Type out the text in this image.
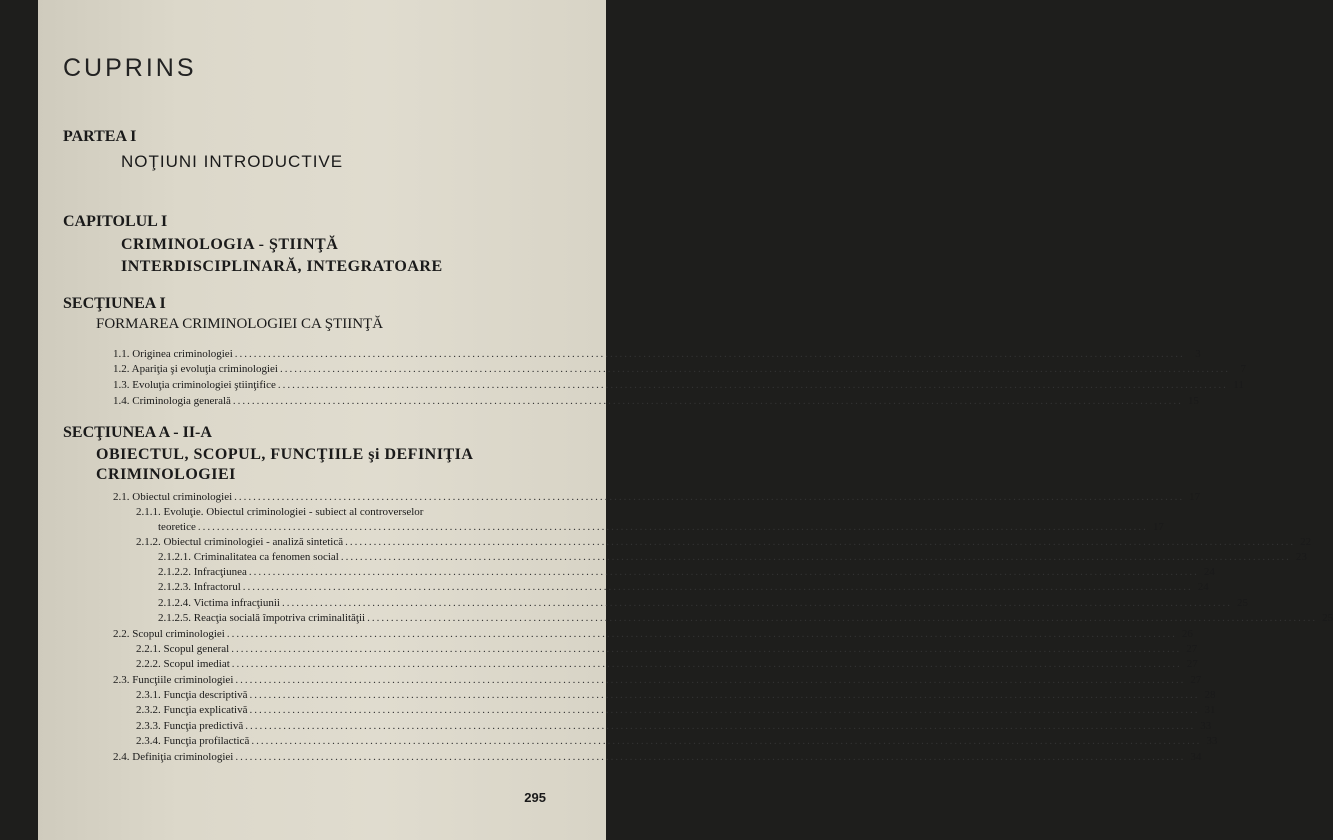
CUPRINS
PARTEA I
NOŢIUNI INTRODUCTIVE
CAPITOLUL I
CRIMINOLOGIA - ŞTIINŢĂ
INTERDISCIPLINARĂ, INTEGRATOARE
SECŢIUNEA I
FORMAREA CRIMINOLOGIEI CA ŞTIINŢĂ
1.1. Originea criminologiei ........................................................................................................................................................................................................ 3
1.2. Apariţia şi evoluţia criminologiei ........................................................................................................................................................................................................ 7
1.3. Evoluţia criminologiei ştiinţifice ........................................................................................................................................................................................................ 11
1.4. Criminologia generală ........................................................................................................................................................................................................ 15
SECŢIUNEA A - II-A
OBIECTUL, SCOPUL, FUNCŢIILE şi DEFINIŢIA
CRIMINOLOGIEI
2.1. Obiectul criminologiei ........................................................................................................................................................................................................ 17
2.1.1. Evoluţie. Obiectul criminologiei - subiect al controverselor
teoretice ........................................................................................................................................................................................................ 17
2.1.2. Obiectul criminologiei - analiză sintetică ........................................................................................................................................................................................................ 22
2.1.2.1. Criminalitatea ca fenomen social ........................................................................................................................................................................................................ 23
2.1.2.2. Infracţiunea ........................................................................................................................................................................................................ 24
2.1.2.3. Infractorul ........................................................................................................................................................................................................ 24
2.1.2.4. Victima infracţiunii ........................................................................................................................................................................................................ 25
2.1.2.5. Reacţia socială împotriva criminalităţii ........................................................................................................................................................................................................ 25
2.2. Scopul criminologiei ........................................................................................................................................................................................................ 26
2.2.1. Scopul general ........................................................................................................................................................................................................ 27
2.2.2. Scopul imediat ........................................................................................................................................................................................................ 27
2.3. Funcţiile criminologiei ........................................................................................................................................................................................................ 27
2.3.1. Funcţia descriptivă ........................................................................................................................................................................................................ 28
2.3.2. Funcţia explicativă ........................................................................................................................................................................................................ 31
2.3.3. Funcţia predictivă ........................................................................................................................................................................................................ 33
2.3.4. Funcţia profilactică ........................................................................................................................................................................................................ 33
2.4. Definiţia criminologiei ........................................................................................................................................................................................................ 34
295
